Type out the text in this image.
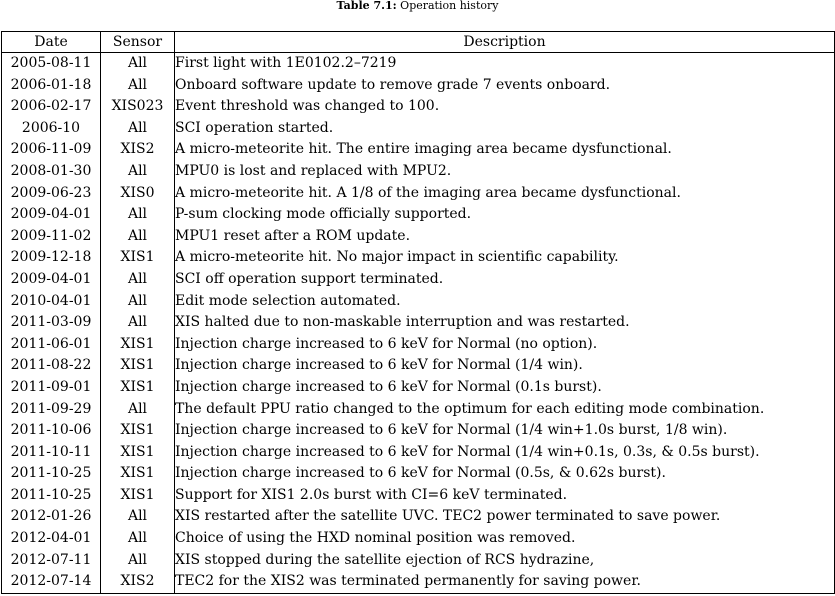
Table 7.1: Operation history
Date	Sensor	Description
2005-08-11	All	First light with 1E0102.2–7219
2006-01-18	All	Onboard software update to remove grade 7 events onboard.
2006-02-17	XIS023	Event threshold was changed to 100.
2006-10	All	SCI operation started.
2006-11-09	XIS2	A micro-meteorite hit. The entire imaging area became dysfunctional.
2008-01-30	All	MPU0 is lost and replaced with MPU2.
2009-06-23	XIS0	A micro-meteorite hit. A 1/8 of the imaging area became dysfunctional.
2009-04-01	All	P-sum clocking mode officially supported.
2009-11-02	All	MPU1 reset after a ROM update.
2009-12-18	XIS1	A micro-meteorite hit. No major impact in scientific capability.
2009-04-01	All	SCI off operation support terminated.
2010-04-01	All	Edit mode selection automated.
2011-03-09	All	XIS halted due to non-maskable interruption and was restarted.
2011-06-01	XIS1	Injection charge increased to 6 keV for Normal (no option).
2011-08-22	XIS1	Injection charge increased to 6 keV for Normal (1/4 win).
2011-09-01	XIS1	Injection charge increased to 6 keV for Normal (0.1s burst).
2011-09-29	All	The default PPU ratio changed to the optimum for each editing mode combination.
2011-10-06	XIS1	Injection charge increased to 6 keV for Normal (1/4 win+1.0s burst, 1/8 win).
2011-10-11	XIS1	Injection charge increased to 6 keV for Normal (1/4 win+0.1s, 0.3s, & 0.5s burst).
2011-10-25	XIS1	Injection charge increased to 6 keV for Normal (0.5s, & 0.62s burst).
2011-10-25	XIS1	Support for XIS1 2.0s burst with CI=6 keV terminated.
2012-01-26	All	XIS restarted after the satellite UVC. TEC2 power terminated to save power.
2012-04-01	All	Choice of using the HXD nominal position was removed.
2012-07-11	All	XIS stopped during the satellite ejection of RCS hydrazine,
2012-07-14	XIS2	TEC2 for the XIS2 was terminated permanently for saving power.
